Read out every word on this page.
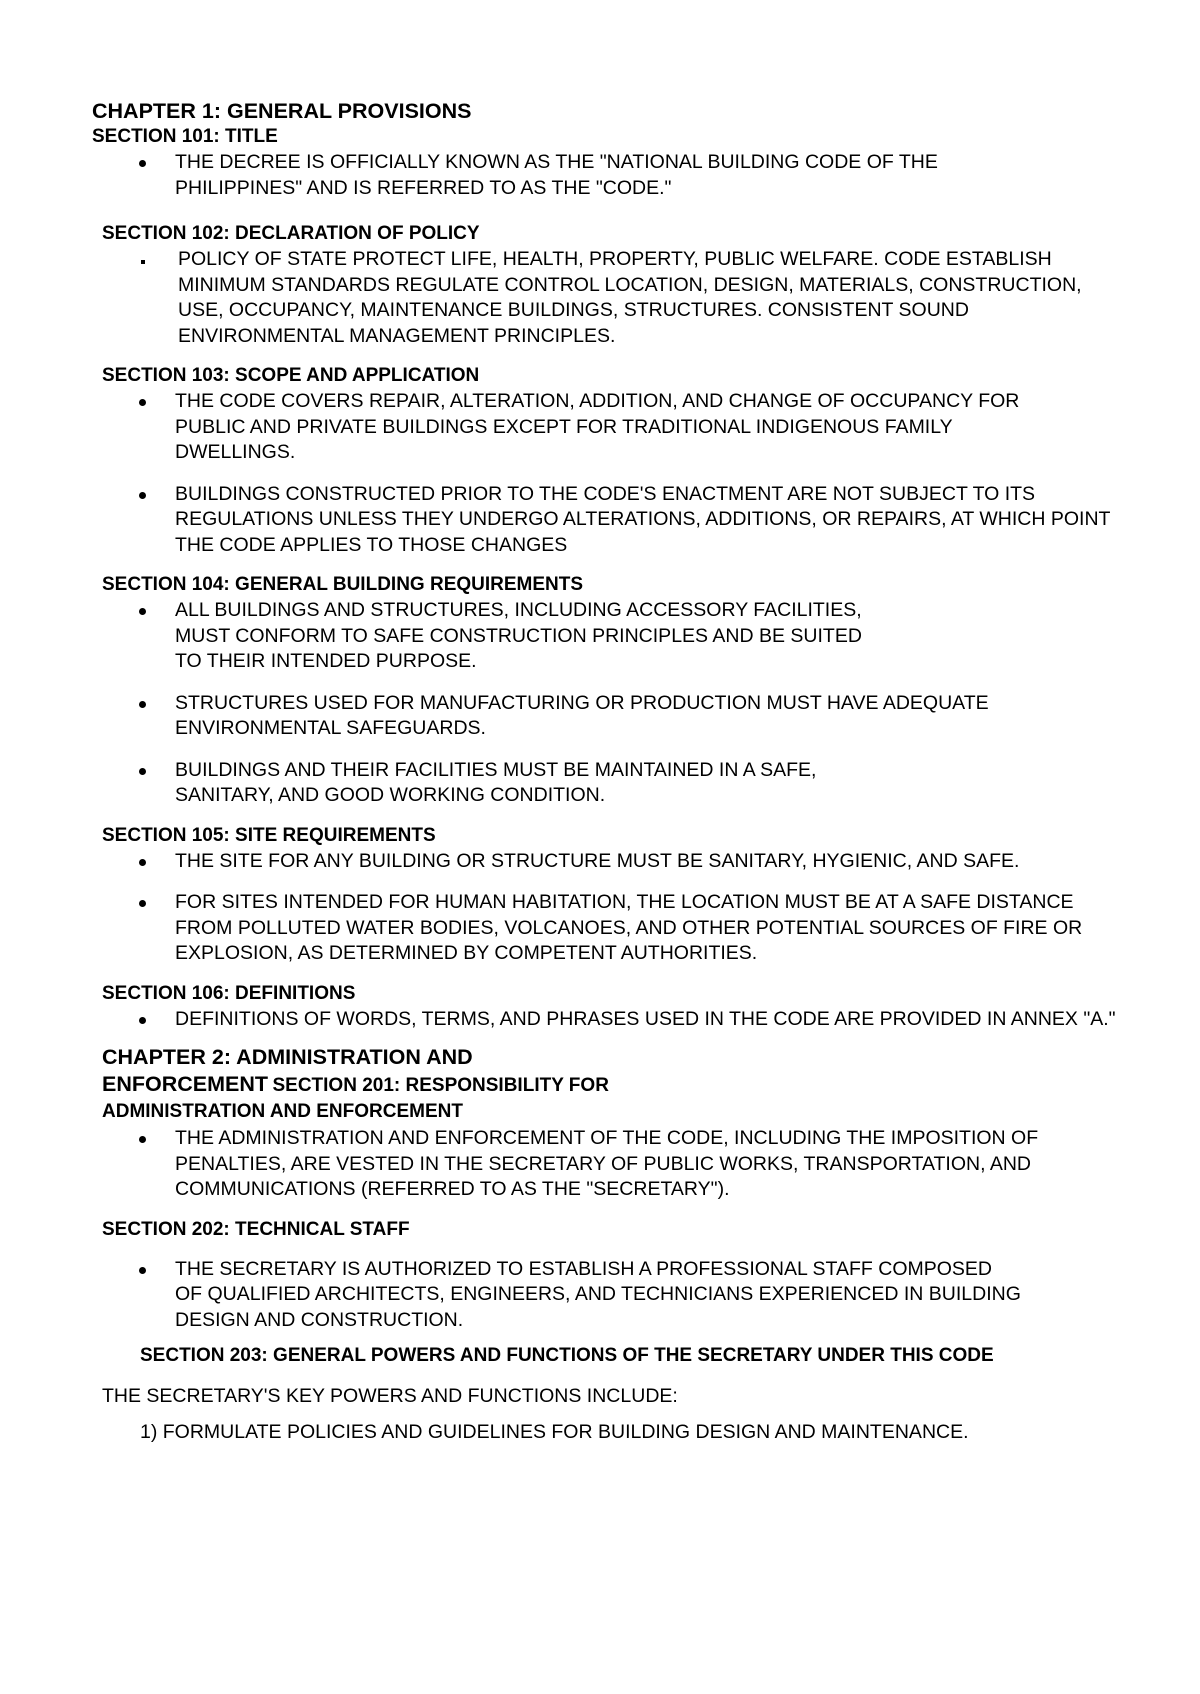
CHAPTER 1: GENERAL PROVISIONS
SECTION 101: TITLE
THE DECREE IS OFFICIALLY KNOWN AS THE "NATIONAL BUILDING CODE OF THE PHILIPPINES" AND IS REFERRED TO AS THE "CODE."
SECTION 102: DECLARATION OF POLICY
POLICY OF STATE PROTECT LIFE, HEALTH, PROPERTY, PUBLIC WELFARE. CODE ESTABLISH MINIMUM STANDARDS REGULATE CONTROL LOCATION, DESIGN, MATERIALS, CONSTRUCTION, USE, OCCUPANCY, MAINTENANCE BUILDINGS, STRUCTURES. CONSISTENT SOUND ENVIRONMENTAL MANAGEMENT PRINCIPLES.
SECTION 103: SCOPE AND APPLICATION
THE CODE COVERS REPAIR, ALTERATION, ADDITION, AND CHANGE OF OCCUPANCY FOR PUBLIC AND PRIVATE BUILDINGS EXCEPT FOR TRADITIONAL INDIGENOUS FAMILY DWELLINGS.
BUILDINGS CONSTRUCTED PRIOR TO THE CODE'S ENACTMENT ARE NOT SUBJECT TO ITS REGULATIONS UNLESS THEY UNDERGO ALTERATIONS, ADDITIONS, OR REPAIRS, AT WHICH POINT THE CODE APPLIES TO THOSE CHANGES
SECTION 104: GENERAL BUILDING REQUIREMENTS
ALL BUILDINGS AND STRUCTURES, INCLUDING ACCESSORY FACILITIES, MUST CONFORM TO SAFE CONSTRUCTION PRINCIPLES AND BE SUITED TO THEIR INTENDED PURPOSE.
STRUCTURES USED FOR MANUFACTURING OR PRODUCTION MUST HAVE ADEQUATE ENVIRONMENTAL SAFEGUARDS.
BUILDINGS AND THEIR FACILITIES MUST BE MAINTAINED IN A SAFE, SANITARY, AND GOOD WORKING CONDITION.
SECTION 105: SITE REQUIREMENTS
THE SITE FOR ANY BUILDING OR STRUCTURE MUST BE SANITARY, HYGIENIC, AND SAFE.
FOR SITES INTENDED FOR HUMAN HABITATION, THE LOCATION MUST BE AT A SAFE DISTANCE FROM POLLUTED WATER BODIES, VOLCANOES, AND OTHER POTENTIAL SOURCES OF FIRE OR EXPLOSION, AS DETERMINED BY COMPETENT AUTHORITIES.
SECTION 106: DEFINITIONS
DEFINITIONS OF WORDS, TERMS, AND PHRASES USED IN THE CODE ARE PROVIDED IN ANNEX "A."
CHAPTER 2: ADMINISTRATION AND
ENFORCEMENT SECTION 201: RESPONSIBILITY FOR
ADMINISTRATION AND ENFORCEMENT
THE ADMINISTRATION AND ENFORCEMENT OF THE CODE, INCLUDING THE IMPOSITION OF PENALTIES, ARE VESTED IN THE SECRETARY OF PUBLIC WORKS, TRANSPORTATION, AND COMMUNICATIONS (REFERRED TO AS THE "SECRETARY").
SECTION 202: TECHNICAL STAFF
THE SECRETARY IS AUTHORIZED TO ESTABLISH A PROFESSIONAL STAFF COMPOSED OF QUALIFIED ARCHITECTS, ENGINEERS, AND TECHNICIANS EXPERIENCED IN BUILDING DESIGN AND CONSTRUCTION.
SECTION 203: GENERAL POWERS AND FUNCTIONS OF THE SECRETARY UNDER THIS CODE

THE SECRETARY'S KEY POWERS AND FUNCTIONS INCLUDE:

1) FORMULATE POLICIES AND GUIDELINES FOR BUILDING DESIGN AND MAINTENANCE.
